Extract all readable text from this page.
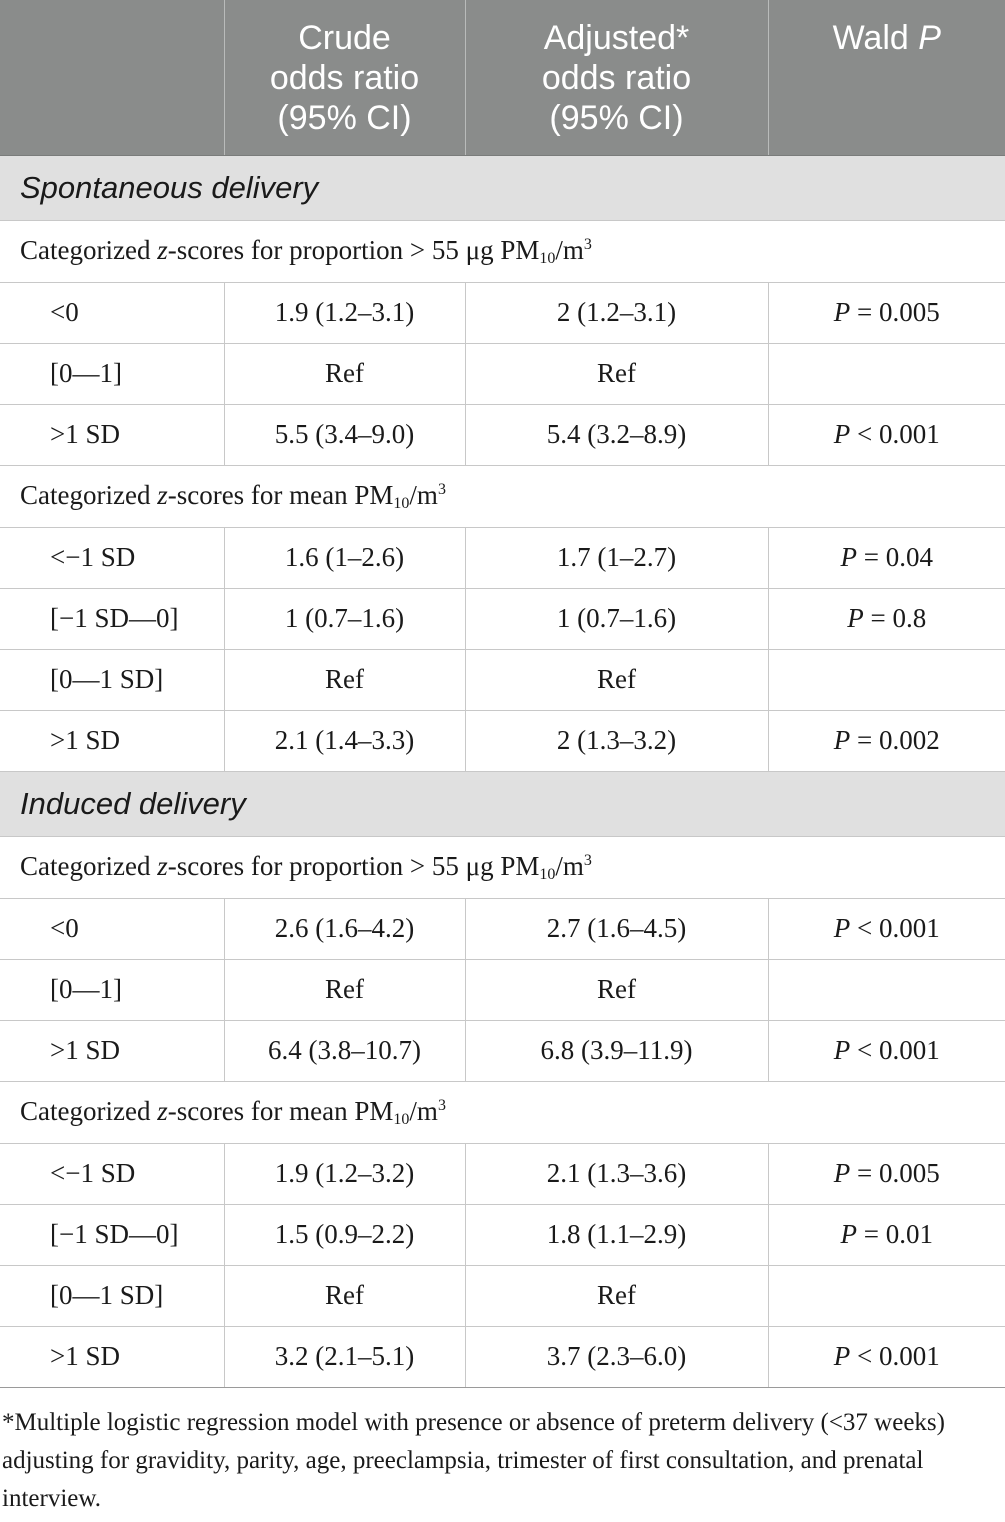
	Crude
odds ratio
(95% CI)	Adjusted*
odds ratio
(95% CI)	Wald P

Spontaneous delivery			
Categorized z-scores for proportion > 55 μg $PM_{10}/m^3$
<0	1.9 (1.2–3.1)	2 (1.2–3.1)	P = 0.005
[0—1]	Ref	Ref	
>1 SD	5.5 (3.4–9.0)	5.4 (3.2–8.9)	P < 0.001
Categorized z-scores for mean $PM_{10}/m^3$
<−1 SD	1.6 (1–2.6)	1.7 (1–2.7)	P = 0.04
[−1 SD—0]	1 (0.7–1.6)	1 (0.7–1.6)	P = 0.8
[0—1 SD]	Ref	Ref	
>1 SD	2.1 (1.4–3.3)	2 (1.3–3.2)	P = 0.002
Induced delivery			
Categorized z-scores for proportion > 55 μg $PM_{10}/m^3$
<0	2.6 (1.6–4.2)	2.7 (1.6–4.5)	P < 0.001
[0—1]	Ref	Ref	
>1 SD	6.4 (3.8–10.7)	6.8 (3.9–11.9)	P < 0.001
Categorized z-scores for mean $PM_{10}/m^3$
<−1 SD	1.9 (1.2–3.2)	2.1 (1.3–3.6)	P = 0.005
[−1 SD—0]	1.5 (0.9–2.2)	1.8 (1.1–2.9)	P = 0.01
[0—1 SD]	Ref	Ref	
>1 SD	3.2 (2.1–5.1)	3.7 (2.3–6.0)	P < 0.001
*Multiple logistic regression model with presence or absence of preterm delivery (<37 weeks) adjusting for gravidity, parity, age, preeclampsia, trimester of first consultation, and prenatal interview.
